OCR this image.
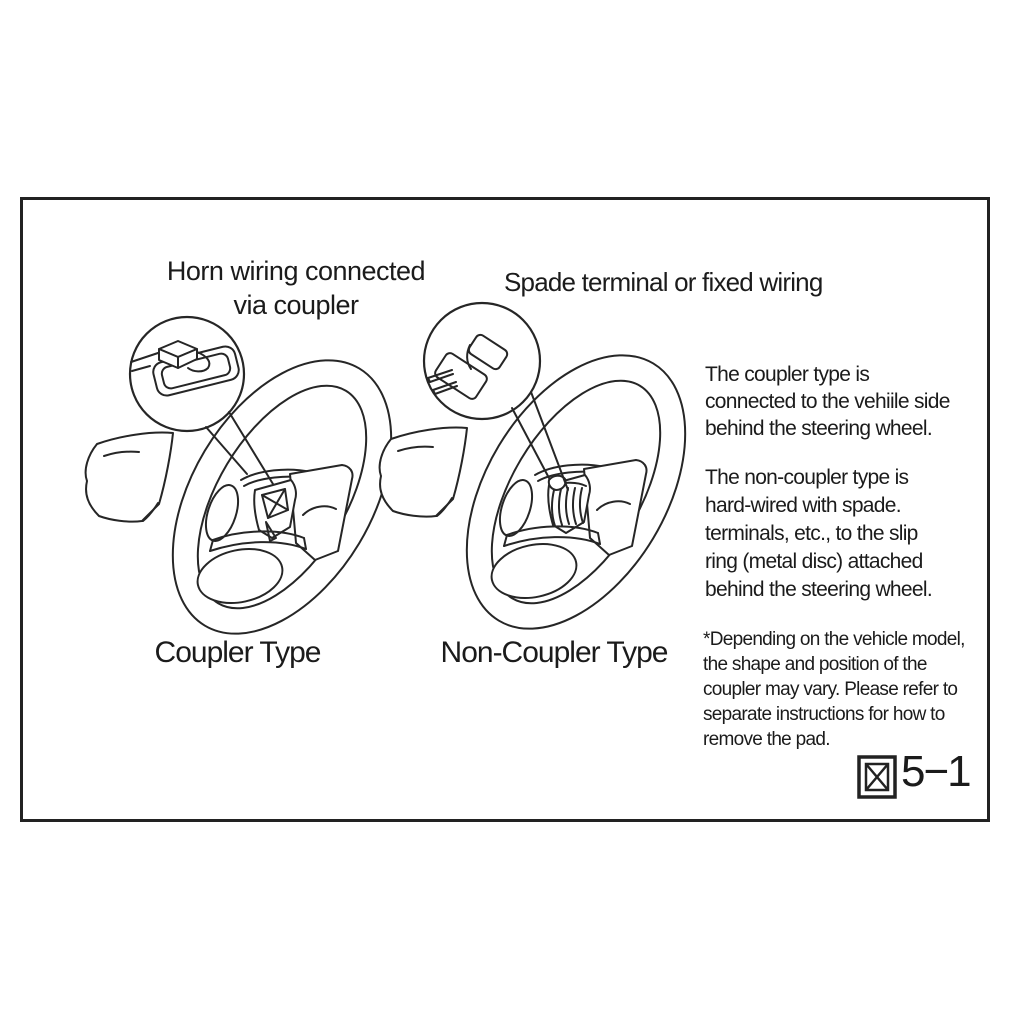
Horn wiring connected
via coupler
Spade terminal or fixed wiring
Coupler Type	Non-Coupler Type
The coupler type is
connected to the vehiile side
behind the steering wheel.
The non-coupler type is
hard-wired with spade.
terminals, etc., to the slip
ring (metal disc) attached
behind the steering wheel.
*Depending on the vehicle model,
the shape and position of the
coupler may vary. Please refer to
separate instructions for how to
remove the pad.
5−1
